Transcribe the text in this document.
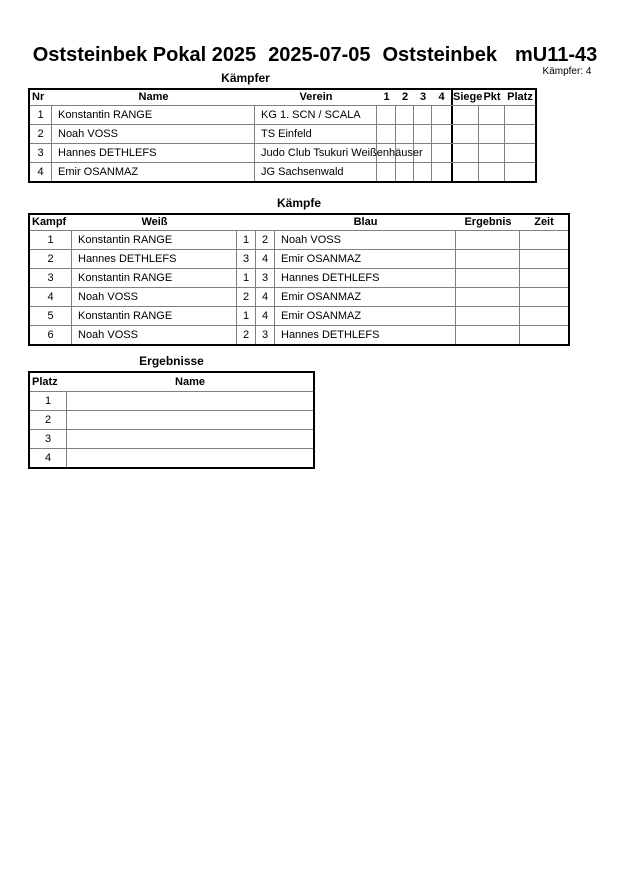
Oststeinbek Pokal 2025 2025-07-05 Oststeinbek mU11-43
Kämpfer: 4
Kämpfer
Nr	Name	Verein	1	2	3	4 Siege Pkt Platz
1	Konstantin RANGE	KG 1. SCN / SCALA
2	Noah VOSS	TS Einfeld
3	Hannes DETHLEFS	Judo Club Tsukuri Weißenhäuser
4	Emir OSANMAZ	JG Sachsenwald
Kämpfe
Kampf	Weiß	Blau	Ergebnis	Zeit
1	Konstantin RANGE	1	2	Noah VOSS
2	Hannes DETHLEFS	3	4	Emir OSANMAZ
3	Konstantin RANGE	1	3	Hannes DETHLEFS
4	Noah VOSS	2	4	Emir OSANMAZ
5	Konstantin RANGE	1	4	Emir OSANMAZ
6	Noah VOSS	2	3	Hannes DETHLEFS
Ergebnisse
Platz	Name
1
2
3
4
